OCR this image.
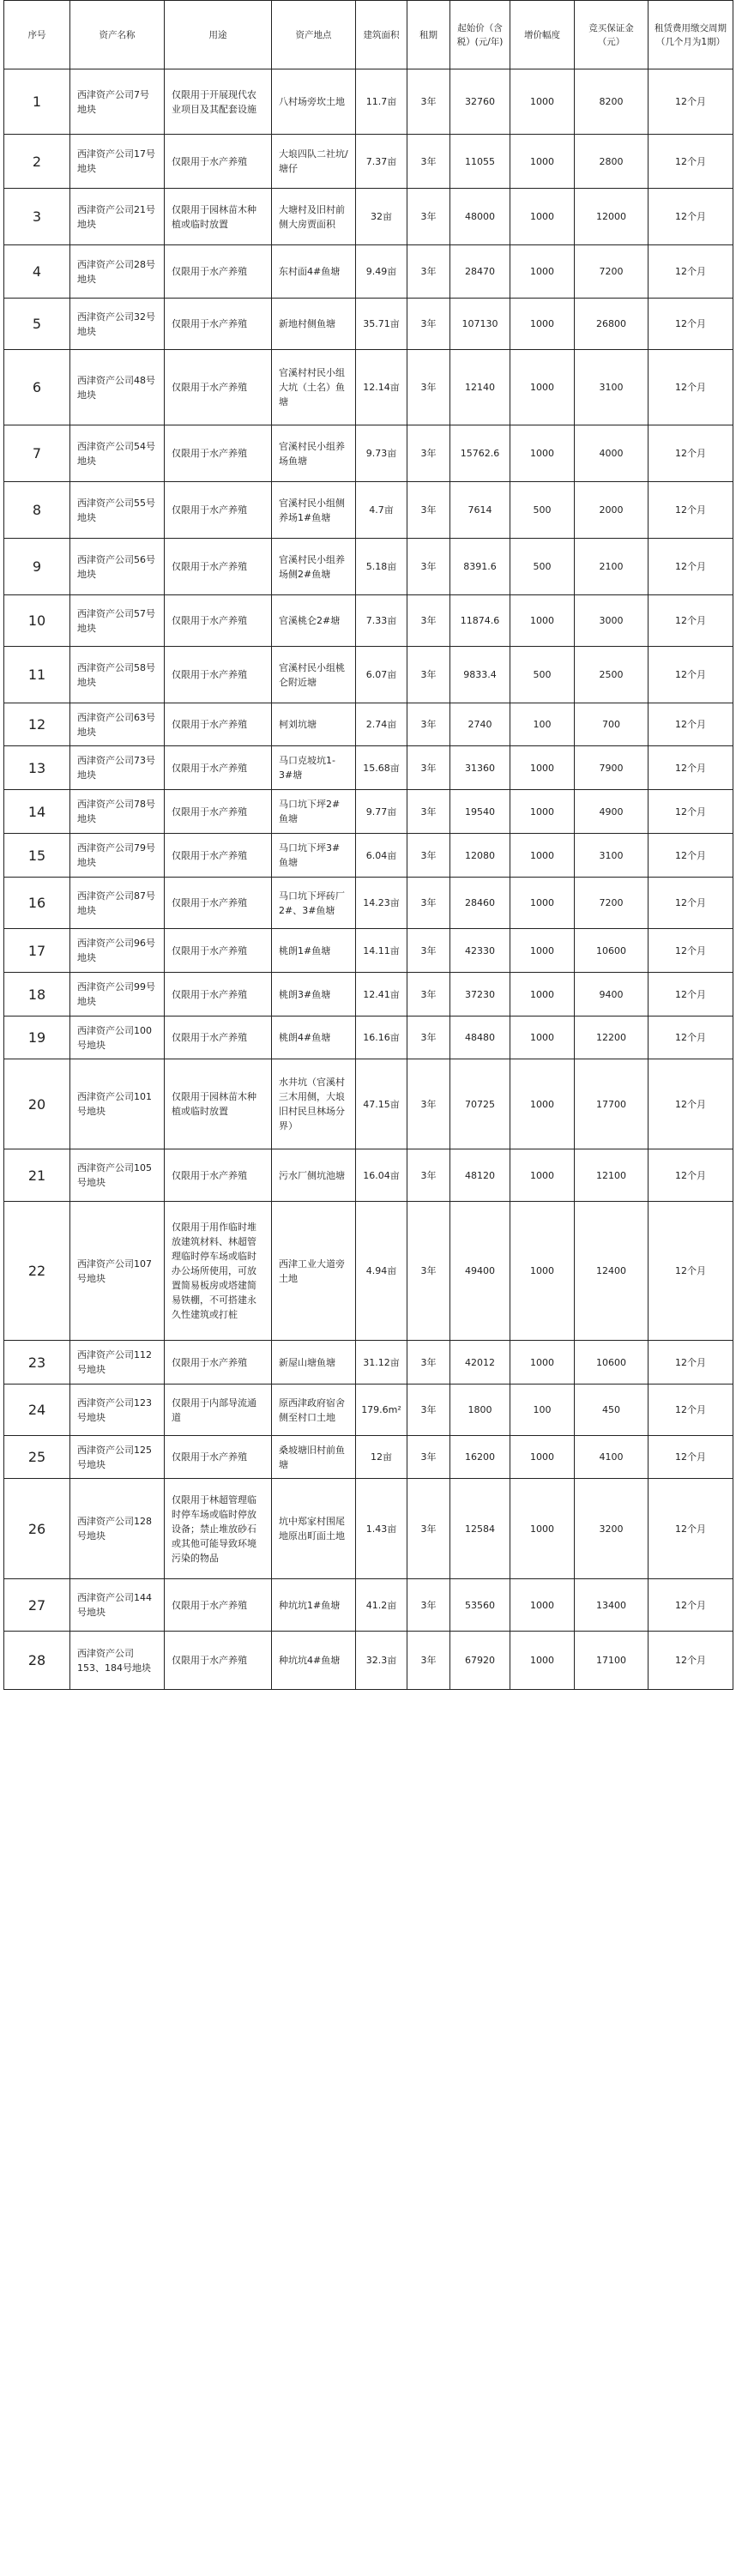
序号	资产名称	用途	资产地点	建筑面积	租期	起始价（含税）(元/年)	增价幅度	竞买保证金（元）	租赁费用缴交周期（几个月为1期）
1	西津资产公司7号地块	仅限用于开展现代农业项目及其配套设施	八村场旁坎土地	11.7亩	3年	32760	1000	8200	12个月
2	西津资产公司17号地块	仅限用于水产养殖	大埌四队二社坑/塘仔	7.37亩	3年	11055	1000	2800	12个月
3	西津资产公司21号地块	仅限用于园林苗木种植或临时放置	大塘村及旧村前侧大房贾面积	32亩	3年	48000	1000	12000	12个月
4	西津资产公司28号地块	仅限用于水产养殖	东村面4#鱼塘	9.49亩	3年	28470	1000	7200	12个月
5	西津资产公司32号地块	仅限用于水产养殖	新地村侧鱼塘	35.71亩	3年	107130	1000	26800	12个月
6	西津资产公司48号地块	仅限用于水产养殖	官溪村村民小组大坑（土名）鱼塘	12.14亩	3年	12140	1000	3100	12个月
7	西津资产公司54号地块	仅限用于水产养殖	官溪村民小组养场鱼塘	9.73亩	3年	15762.6	1000	4000	12个月
8	西津资产公司55号地块	仅限用于水产养殖	官溪村民小组侧养场1#鱼塘	4.7亩	3年	7614	500	2000	12个月
9	西津资产公司56号地块	仅限用于水产养殖	官溪村民小组养场侧2#鱼塘	5.18亩	3年	8391.6	500	2100	12个月
10	西津资产公司57号地块	仅限用于水产养殖	官溪桃仑2#塘	7.33亩	3年	11874.6	1000	3000	12个月
11	西津资产公司58号地块	仅限用于水产养殖	官溪村民小组桃仑附近塘	6.07亩	3年	9833.4	500	2500	12个月
12	西津资产公司63号地块	仅限用于水产养殖	柯刘坑塘	2.74亩	3年	2740	100	700	12个月
13	西津资产公司73号地块	仅限用于水产养殖	马口克坡坑1-3#塘	15.68亩	3年	31360	1000	7900	12个月
14	西津资产公司78号地块	仅限用于水产养殖	马口坑下坪2#鱼塘	9.77亩	3年	19540	1000	4900	12个月
15	西津资产公司79号地块	仅限用于水产养殖	马口坑下坪3#鱼塘	6.04亩	3年	12080	1000	3100	12个月
16	西津资产公司87号地块	仅限用于水产养殖	马口坑下坪砖厂2#、3#鱼塘	14.23亩	3年	28460	1000	7200	12个月
17	西津资产公司96号地块	仅限用于水产养殖	桃朗1#鱼塘	14.11亩	3年	42330	1000	10600	12个月
18	西津资产公司99号地块	仅限用于水产养殖	桃朗3#鱼塘	12.41亩	3年	37230	1000	9400	12个月
19	西津资产公司100号地块	仅限用于水产养殖	桃朗4#鱼塘	16.16亩	3年	48480	1000	12200	12个月
20	西津资产公司101号地块	仅限用于园林苗木种植或临时放置	水井坑（官溪村三木用侧，大埌旧村民旦林场分界）	47.15亩	3年	70725	1000	17700	12个月
21	西津资产公司105号地块	仅限用于水产养殖	污水厂侧坑池塘	16.04亩	3年	48120	1000	12100	12个月
22	西津资产公司107号地块	仅限用于用作临时堆放建筑材料、林超管理临时停车场或临时办公场所使用，可放置简易板房或塔建简易铁棚，不可搭建永久性建筑或打桩	西津工业大道旁土地	4.94亩	3年	49400	1000	12400	12个月
23	西津资产公司112号地块	仅限用于水产养殖	新屋山塘鱼塘	31.12亩	3年	42012	1000	10600	12个月
24	西津资产公司123号地块	仅限用于内部导流通道	原西津政府宿舍侧至村口土地	179.6m²	3年	1800	100	450	12个月
25	西津资产公司125号地块	仅限用于水产养殖	桑坡塘旧村前鱼塘	12亩	3年	16200	1000	4100	12个月
26	西津资产公司128号地块	仅限用于林超管理临时停车场或临时停放设备；禁止堆放砂石或其他可能导致环境污染的物品	坑中郑家村围尾地原出町面土地	1.43亩	3年	12584	1000	3200	12个月
27	西津资产公司144号地块	仅限用于水产养殖	种坑坑1#鱼塘	41.2亩	3年	53560	1000	13400	12个月
28	西津资产公司153、184号地块	仅限用于水产养殖	种坑坑4#鱼塘	32.3亩	3年	67920	1000	17100	12个月
